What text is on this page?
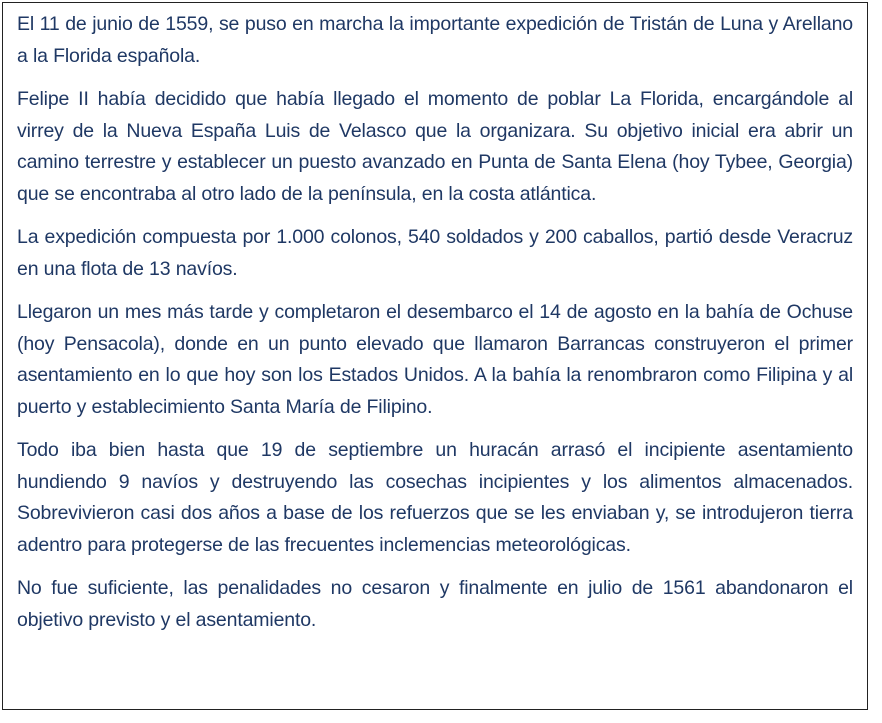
El 11 de junio de 1559, se puso en marcha la importante expedición de Tristán de Luna y Arellano a la Florida española.

Felipe II había decidido que había llegado el momento de poblar La Florida, encargándole al virrey de la Nueva España Luis de Velasco que la organizara. Su objetivo inicial era abrir un camino terrestre y establecer un puesto avanzado en Punta de Santa Elena (hoy Tybee, Georgia) que se encontraba al otro lado de la península, en la costa atlántica.

La expedición compuesta por 1.000 colonos, 540 soldados y 200 caballos, partió desde Veracruz en una flota de 13 navíos.

Llegaron un mes más tarde y completaron el desembarco el 14 de agosto en la bahía de Ochuse (hoy Pensacola), donde en un punto elevado que llamaron Barrancas construyeron el primer asentamiento en lo que hoy son los Estados Unidos. A la bahía la renombraron como Filipina y al puerto y establecimiento Santa María de Filipino.

Todo iba bien hasta que 19 de septiembre un huracán arrasó el incipiente asentamiento hundiendo 9 navíos y destruyendo las cosechas incipientes y los alimentos almacenados. Sobrevivieron casi dos años a base de los refuerzos que se les enviaban y, se introdujeron tierra adentro para protegerse de las frecuentes inclemencias meteorológicas.

No fue suficiente, las penalidades no cesaron y finalmente en julio de 1561 abandonaron el objetivo previsto y el asentamiento.
